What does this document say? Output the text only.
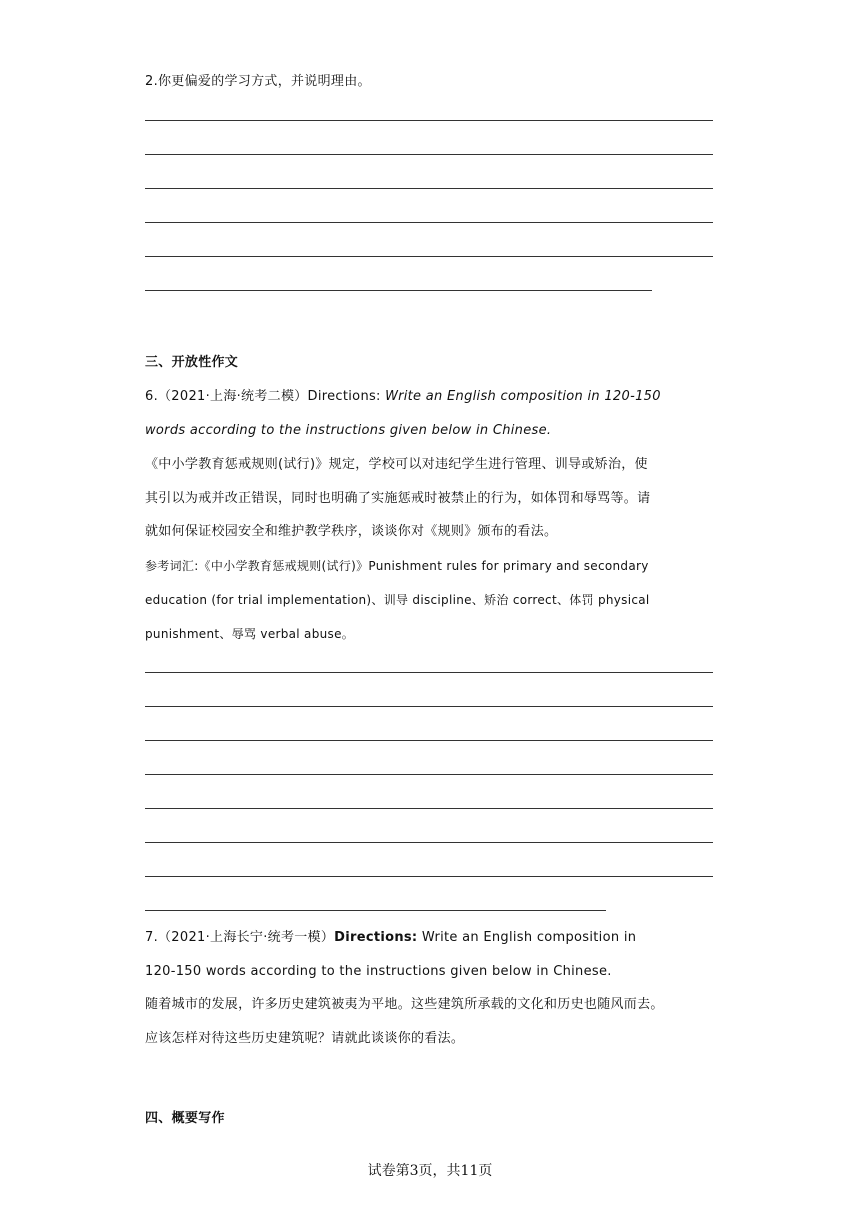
2.你更偏爱的学习方式，并说明理由。
三、开放性作文
6.（2021·上海·统考二模）Directions: Write an English composition in 120-150
words according to the instructions given below in Chinese.
《中小学教育惩戒规则(试行)》规定，学校可以对违纪学生进行管理、训导或矫治，使
其引以为戒并改正错误，同时也明确了实施惩戒时被禁止的行为，如体罚和辱骂等。请
就如何保证校园安全和维护教学秩序，谈谈你对《规则》颁布的看法。
参考词汇:《中小学教育惩戒规则(试行)》Punishment rules for primary and secondary
education (for trial implementation)、训导 discipline、矫治 correct、体罚 physical
punishment、辱骂 verbal abuse。
7.（2021·上海长宁·统考一模）Directions: Write an English composition in
120-150 words according to the instructions given below in Chinese.
随着城市的发展，许多历史建筑被夷为平地。这些建筑所承载的文化和历史也随风而去。
应该怎样对待这些历史建筑呢？请就此谈谈你的看法。
四、概要写作
试卷第3页，共11页
